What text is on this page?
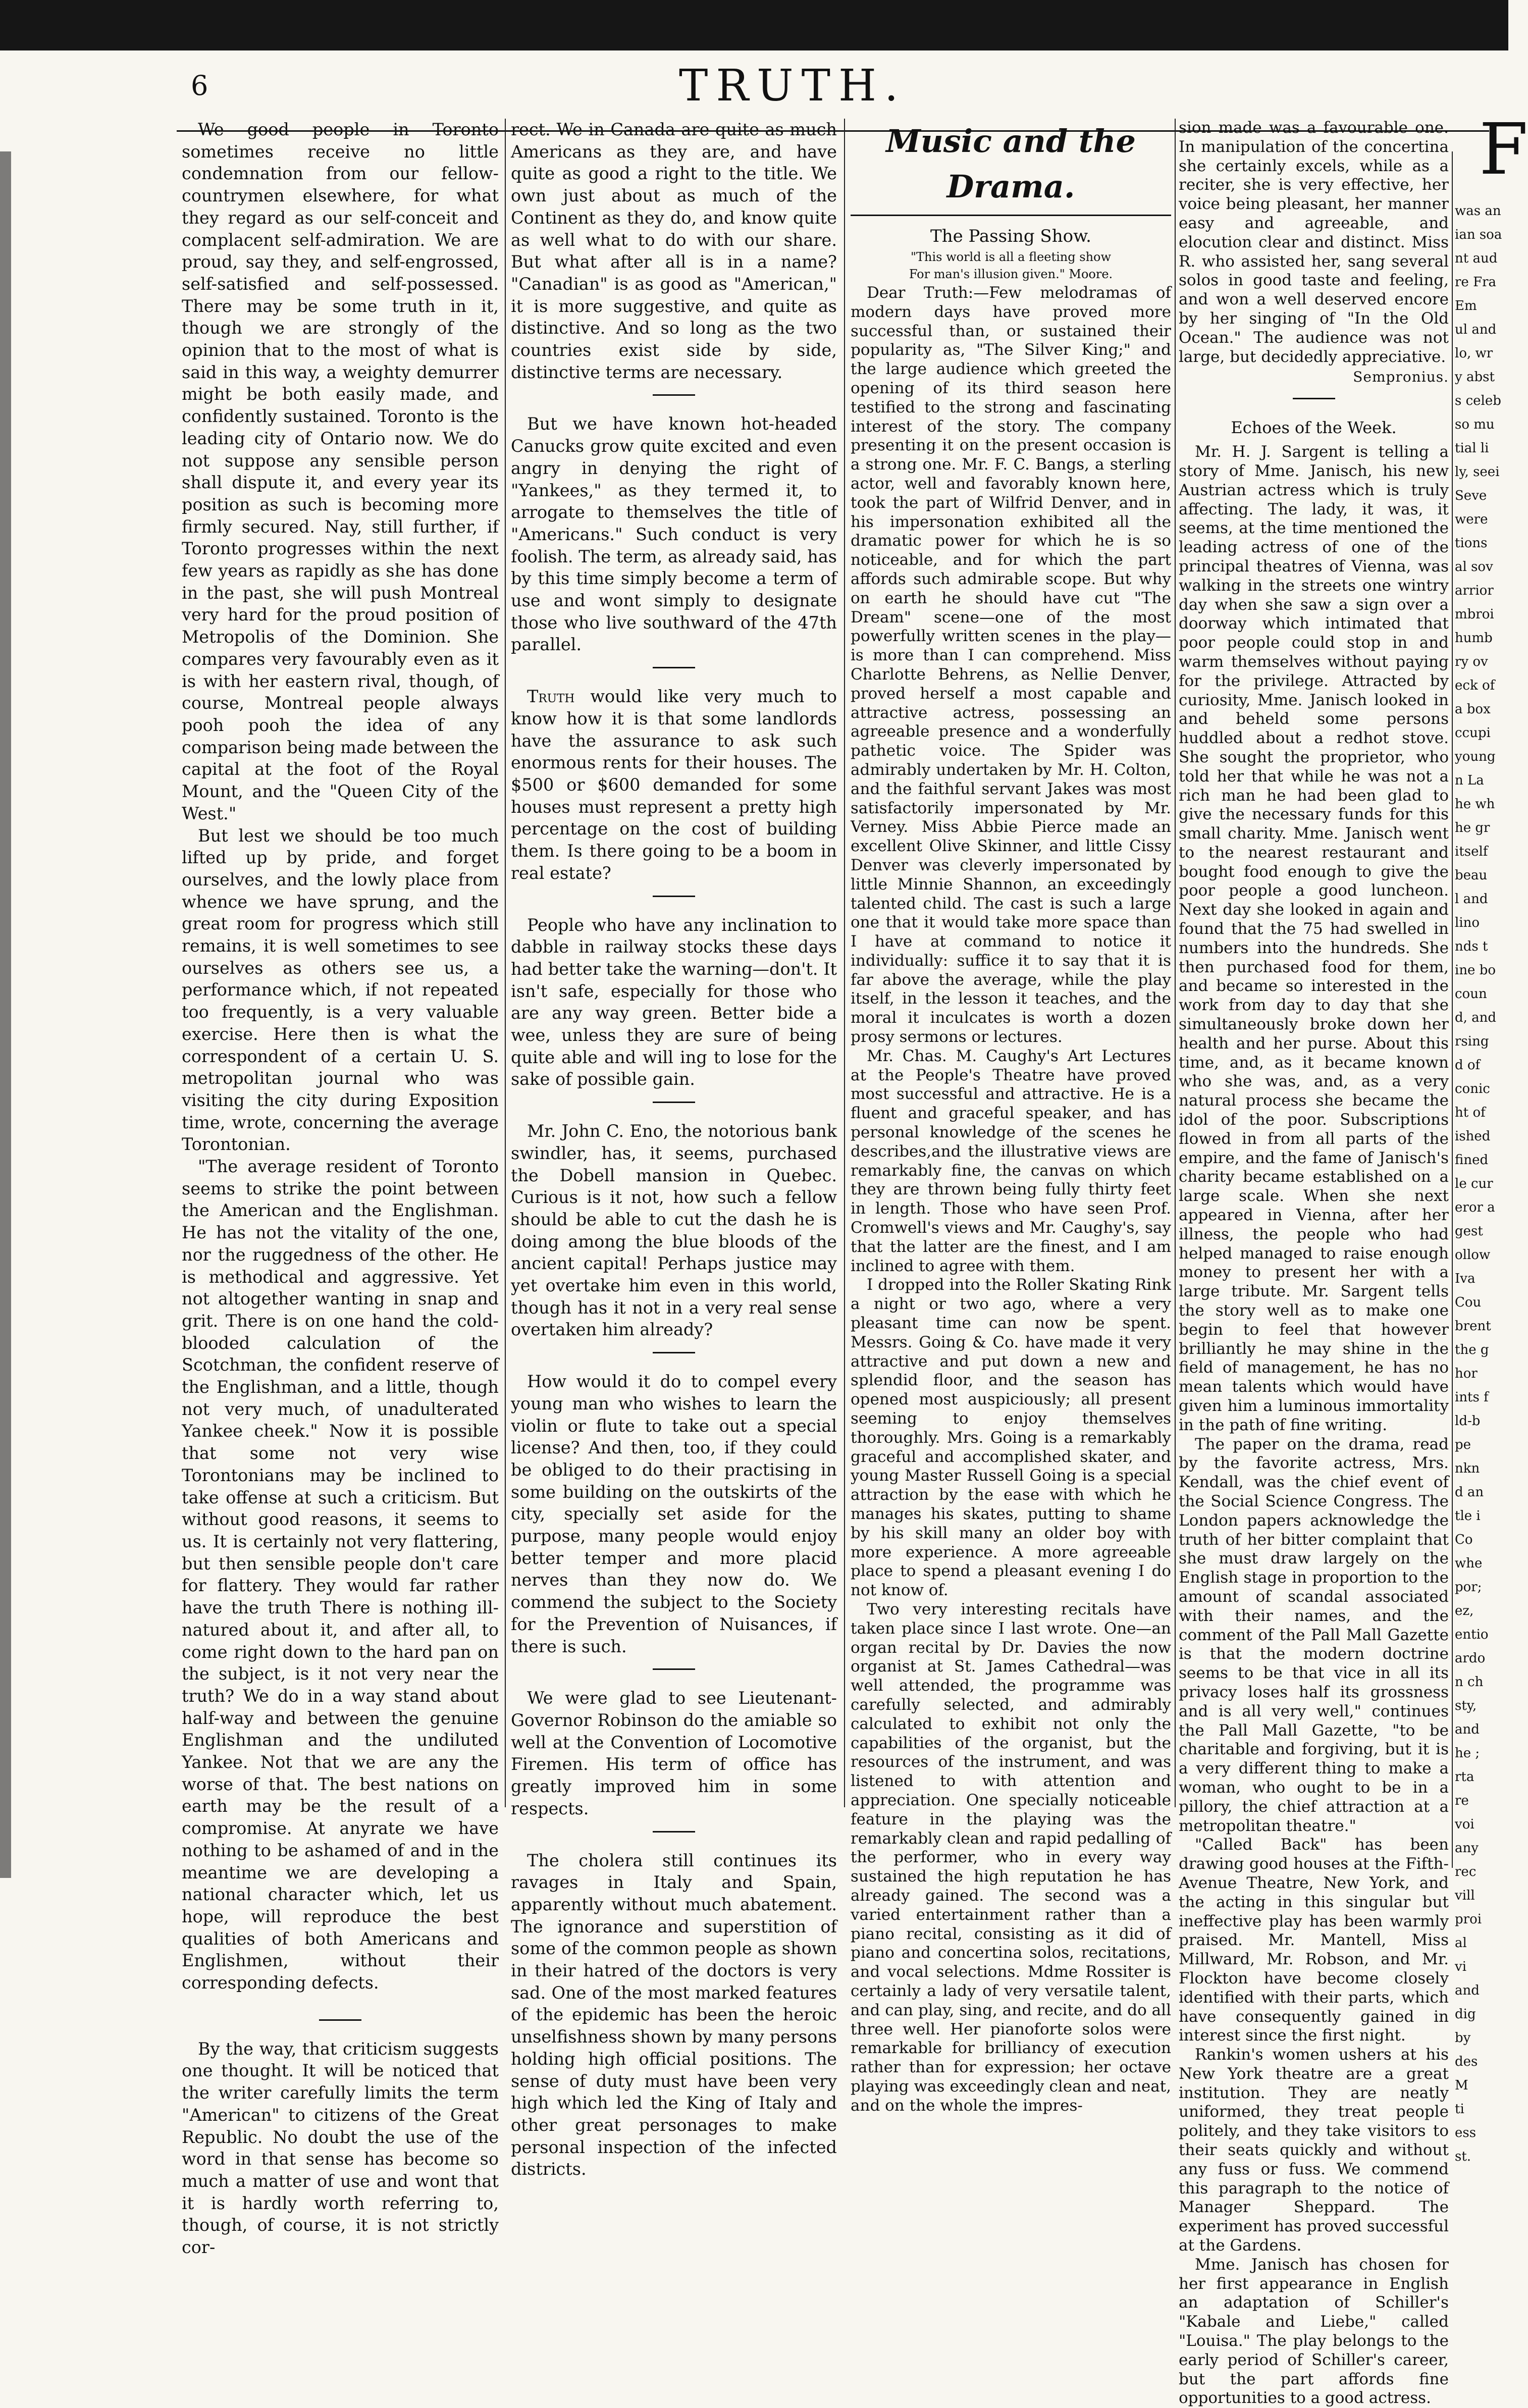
6	TRUTH.

We good people in Toronto sometimes receive no little condemnation from our fellow-countrymen elsewhere, for what they regard as our self-conceit and complacent self-admiration. We are proud, say they, and self-engrossed, self-satisfied and self-possessed. There may be some truth in it, though we are strongly of the opinion that to the most of what is said in this way, a weighty demurrer might be both easily made, and confidently sustained. Toronto is the leading city of Ontario now. We do not suppose any sensible person shall dispute it, and every year its position as such is becoming more firmly secured. Nay, still further, if Toronto progresses within the next few years as rapidly as she has done in the past, she will push Montreal very hard for the proud position of Metropolis of the Dominion. She compares very favourably even as it is with her eastern rival, though, of course, Montreal people always pooh pooh the idea of any comparison being made between the capital at the foot of the Royal Mount, and the "Queen City of the West."

But lest we should be too much lifted up by pride, and forget ourselves, and the lowly place from whence we have sprung, and the great room for progress which still remains, it is well sometimes to see ourselves as others see us, a performance which, if not repeated too frequently, is a very valuable exercise. Here then is what the correspondent of a certain U. S. metropolitan journal who was visiting the city during Exposition time, wrote, concerning the average Torontonian.

"The average resident of Toronto seems to strike the point between the American and the Englishman. He has not the vitality of the one, nor the ruggedness of the other. He is methodical and aggressive. Yet not altogether wanting in snap and grit. There is on one hand the cold-blooded calculation of the Scotchman, the confident reserve of the Englishman, and a little, though not very much, of unadulterated Yankee cheek." Now it is possible that some not very wise Torontonians may be inclined to take offense at such a criticism. But without good reasons, it seems to us. It is certainly not very flattering, but then sensible people don't care for flattery. They would far rather have the truth There is nothing ill-natured about it, and after all, to come right down to the hard pan on the subject, is it not very near the truth? We do in a way stand about half-way and between the genuine Englishman and the undiluted Yankee. Not that we are any the worse of that. The best nations on earth may be the result of a compromise. At anyrate we have nothing to be ashamed of and in the meantime we are developing a national character which, let us hope, will reproduce the best qualities of both Americans and Englishmen, without their corresponding defects.

By the way, that criticism suggests one thought. It will be noticed that the writer carefully limits the term "American" to citizens of the Great Republic. No doubt the use of the word in that sense has become so much a matter of use and wont that it is hardly worth referring to, though, of course, it is not strictly cor-

rect. We in Canada are quite as much Americans as they are, and have quite as good a right to the title. We own just about as much of the Continent as they do, and know quite as well what to do with our share. But what after all is in a name? "Canadian" is as good as "American," it is more suggestive, and quite as distinctive. And so long as the two countries exist side by side, distinctive terms are necessary.

But we have known hot-headed Canucks grow quite excited and even angry in denying the right of "Yankees," as they termed it, to arrogate to themselves the title of "Americans." Such conduct is very foolish. The term, as already said, has by this time simply become a term of use and wont simply to designate those who live southward of the 47th parallel.

Truth would like very much to know how it is that some landlords have the assurance to ask such enormous rents for their houses. The $500 or $600 demanded for some houses must represent a pretty high percentage on the cost of building them. Is there going to be a boom in real estate?

People who have any inclination to dabble in railway stocks these days had better take the warning—don't. It isn't safe, especially for those who are any way green. Better bide a wee, unless they are sure of being quite able and will ing to lose for the sake of possible gain.

Mr. John C. Eno, the notorious bank swindler, has, it seems, purchased the Dobell mansion in Quebec. Curious is it not, how such a fellow should be able to cut the dash he is doing among the blue bloods of the ancient capital! Perhaps justice may yet overtake him even in this world, though has it not in a very real sense overtaken him already?

How would it do to compel every young man who wishes to learn the violin or flute to take out a special license? And then, too, if they could be obliged to do their practising in some building on the outskirts of the city, specially set aside for the purpose, many people would enjoy better temper and more placid nerves than they now do. We commend the subject to the Society for the Prevention of Nuisances, if there is such.

We were glad to see Lieutenant-Governor Robinson do the amiable so well at the Convention of Locomotive Firemen. His term of office has greatly improved him in some respects.

The cholera still continues its ravages in Italy and Spain, apparently without much abatement. The ignorance and superstition of some of the common people as shown in their hatred of the doctors is very sad. One of the most marked features of the epidemic has been the heroic unselfishness shown by many persons holding high official positions. The sense of duty must have been very high which led the King of Italy and other great personages to make personal inspection of the infected districts.

Music and the Drama.
The Passing Show.
"This world is all a fleeting show
For man's illusion given." Moore.

Dear Truth:—Few melodramas of modern days have proved more successful than, or sustained their popularity as, "The Silver King;" and the large audience which greeted the opening of its third season here testified to the strong and fascinating interest of the story. The company presenting it on the present occasion is a strong one. Mr. F. C. Bangs, a sterling actor, well and favorably known here, took the part of Wilfrid Denver, and in his impersonation exhibited all the dramatic power for which he is so noticeable, and for which the part affords such admirable scope. But why on earth he should have cut "The Dream" scene—one of the most powerfully written scenes in the play—is more than I can comprehend. Miss Charlotte Behrens, as Nellie Denver, proved herself a most capable and attractive actress, possessing an agreeable presence and a wonderfully pathetic voice. The Spider was admirably undertaken by Mr. H. Colton, and the faithful servant Jakes was most satisfactorily impersonated by Mr. Verney. Miss Abbie Pierce made an excellent Olive Skinner, and little Cissy Denver was cleverly impersonated by little Minnie Shannon, an exceedingly talented child. The cast is such a large one that it would take more space than I have at command to notice it individually: suffice it to say that it is far above the average, while the play itself, in the lesson it teaches, and the moral it inculcates is worth a dozen prosy sermons or lectures.

Mr. Chas. M. Caughy's Art Lectures at the People's Theatre have proved most successful and attractive. He is a fluent and graceful speaker, and has personal knowledge of the scenes he describes,and the illustrative views are remarkably fine, the canvas on which they are thrown being fully thirty feet in length. Those who have seen Prof. Cromwell's views and Mr. Caughy's, say that the latter are the finest, and I am inclined to agree with them.

I dropped into the Roller Skating Rink a night or two ago, where a very pleasant time can now be spent. Messrs. Going & Co. have made it very attractive and put down a new and splendid floor, and the season has opened most auspiciously; all present seeming to enjoy themselves thoroughly. Mrs. Going is a remarkably graceful and accomplished skater, and young Master Russell Going is a special attraction by the ease with which he manages his skates, putting to shame by his skill many an older boy with more experience. A more agreeable place to spend a pleasant evening I do not know of.

Two very interesting recitals have taken place since I last wrote. One—an organ recital by Dr. Davies the now organist at St. James Cathedral—was well attended, the programme was carefully selected, and admirably calculated to exhibit not only the capabilities of the organist, but the resources of the instrument, and was listened to with attention and appreciation. One specially noticeable feature in the playing was the remarkably clean and rapid pedalling of the performer, who in every way sustained the high reputation he has already gained. The second was a varied entertainment rather than a piano recital, consisting as it did of piano and concertina solos, recitations, and vocal selections. Mdme Rossiter is certainly a lady of very versatile talent, and can play, sing, and recite, and do all three well. Her pianoforte solos were remarkable for brilliancy of execution rather than for expression; her octave playing was exceedingly clean and neat, and on the whole the impres-

sion made was a favourable one. In manipulation of the concertina she certainly excels, while as a reciter, she is very effective, her voice being pleasant, her manner easy and agreeable, and elocution clear and distinct. Miss R. who assisted her, sang several solos in good taste and feeling, and won a well deserved encore by her singing of "In the Old Ocean." The audience was not large, but decidedly appreciative.

Sempronius.
Echoes of the Week.

Mr. H. J. Sargent is telling a story of Mme. Janisch, his new Austrian actress which is truly affecting. The lady, it was, it seems, at the time mentioned the leading actress of one of the principal theatres of Vienna, was walking in the streets one wintry day when she saw a sign over a doorway which intimated that poor people could stop in and warm themselves without paying for the privilege. Attracted by curiosity, Mme. Janisch looked in and beheld some persons huddled about a redhot stove. She sought the proprietor, who told her that while he was not a rich man he had been glad to give the necessary funds for this small charity. Mme. Janisch went to the nearest restaurant and bought food enough to give the poor people a good luncheon. Next day she looked in again and found that the 75 had swelled in numbers into the hundreds. She then purchased food for them, and became so interested in the work from day to day that she simultaneously broke down her health and her purse. About this time, and, as it became known who she was, and, as a very natural process she became the idol of the poor. Subscriptions flowed in from all parts of the empire, and the fame of Janisch's charity became established on a large scale. When she next appeared in Vienna, after her illness, the people who had helped managed to raise enough money to present her with a large tribute. Mr. Sargent tells the story well as to make one begin to feel that however brilliantly he may shine in the field of management, he has no mean talents which would have given him a luminous immortality in the path of fine writing.

The paper on the drama, read by the favorite actress, Mrs. Kendall, was the chief event of the Social Science Congress. The London papers acknowledge the truth of her bitter complaint that she must draw largely on the English stage in proportion to the amount of scandal associated with their names, and the comment of the Pall Mall Gazette is that the modern doctrine seems to be that vice in all its privacy loses half its grossness and is all very well," continues the Pall Mall Gazette, "to be charitable and forgiving, but it is a very different thing to make a woman, who ought to be in a pillory, the chief attraction at a metropolitan theatre."

"Called Back" has been drawing good houses at the Fifth-Avenue Theatre, New York, and the acting in this singular but ineffective play has been warmly praised. Mr. Mantell, Miss Millward, Mr. Robson, and Mr. Flockton have become closely identified with their parts, which have consequently gained in interest since the first night.

Rankin's women ushers at his New York theatre are a great institution. They are neatly uniformed, they treat people politely, and they take visitors to their seats quickly and without any fuss or fuss. We commend this paragraph to the notice of Manager Sheppard. The experiment has proved successful at the Gardens.

Mme. Janisch has chosen for her first appearance in English an adaptation of Schiller's "Kabale and Liebe," called "Louisa." The play belongs to the early period of Schiller's career, but the part affords fine opportunities to a good actress.

F
was an
ian soa
nt aud
re Fra
Em
ul and
lo, wr
y abst
s celeb
so mu
tial li
ly, seei
Seve
were
tions
al sov
arrior
mbroi
humb
ry ov
eck of
a box
ccupi
young
n La
he wh
he gr
itself
beau
l and
lino
nds t
ine bo
coun
d, and
rsing
d of
conic
ht of
ished
fined
le cur
eror a
gest
ollow
Iva
Cou
brent
the g
hor
ints f
ld-b
pe
nkn
d an
tle i
Co
whe
por;
ez,
entio
ardo
n ch
sty,
and
he ;
rta
re
voi
any
rec
vill
proi
al
vi
and
dig
by
des
M
ti
ess
st.
